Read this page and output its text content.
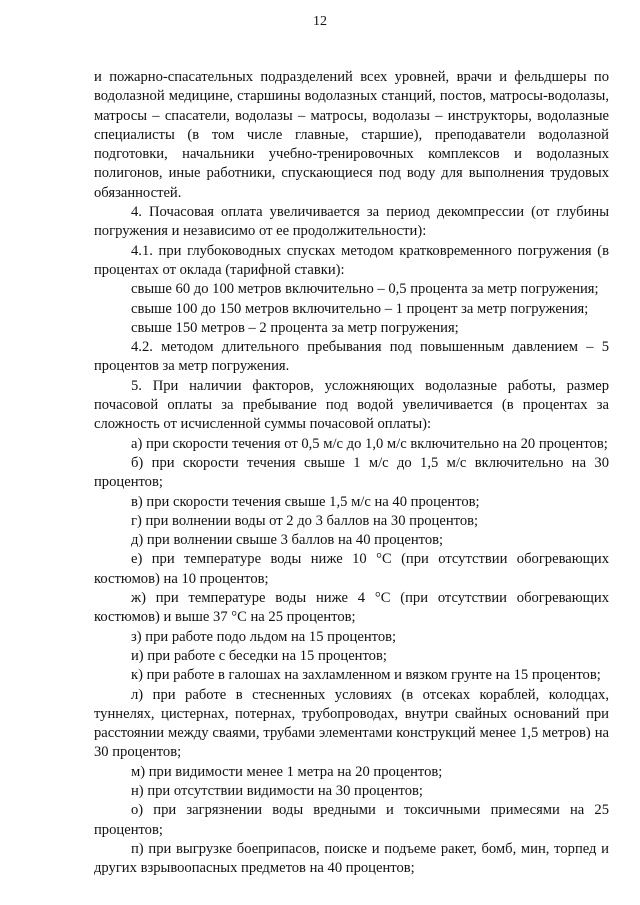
12

и пожарно-спасательных подразделений всех уровней, врачи и фельдшеры по водолазной медицине, старшины водолазных станций, постов, матросы-водолазы, матросы – спасатели, водолазы – матросы, водолазы – инструкторы, водолазные специалисты (в том числе главные, старшие), преподаватели водолазной подготовки, начальники учебно-тренировочных комплексов и водолазных полигонов, иные работники, спускающиеся под воду для выполнения трудовых обязанностей.

4. Почасовая оплата увеличивается за период декомпрессии (от глубины погружения и независимо от ее продолжительности):

4.1. при глубоководных спусках методом кратковременного погружения (в процентах от оклада (тарифной ставки):

свыше 60 до 100 метров включительно – 0,5 процента за метр погружения;

свыше 100 до 150 метров включительно – 1 процент за метр погружения;

свыше 150 метров – 2 процента за метр погружения;

4.2. методом длительного пребывания под повышенным давлением – 5 процентов за метр погружения.

5. При наличии факторов, усложняющих водолазные работы, размер почасовой оплаты за пребывание под водой увеличивается (в процентах за сложность от исчисленной суммы почасовой оплаты):

а) при скорости течения от 0,5 м/с до 1,0 м/с включительно на 20 процентов;

б) при скорости течения свыше 1 м/с до 1,5 м/с включительно на 30 процентов;

в) при скорости течения свыше 1,5 м/с на 40 процентов;

г) при волнении воды от 2 до 3 баллов на 30 процентов;

д) при волнении свыше 3 баллов на 40 процентов;

е) при температуре воды ниже 10 °С (при отсутствии обогревающих костюмов) на 10 процентов;

ж) при температуре воды ниже 4 °С (при отсутствии обогревающих костюмов) и выше 37 °С на 25 процентов;

з) при работе подо льдом на 15 процентов;

и) при работе с беседки на 15 процентов;

к) при работе в галошах на захламленном и вязком грунте на 15 процентов;

л) при работе в стесненных условиях (в отсеках кораблей, колодцах, туннелях, цистернах, потернах, трубопроводах, внутри свайных оснований при расстоянии между сваями, трубами элементами конструкций менее 1,5 метров) на 30 процентов;

м) при видимости менее 1 метра на 20 процентов;

н) при отсутствии видимости на 30 процентов;

о) при загрязнении воды вредными и токсичными примесями на 25 процентов;

п) при выгрузке боеприпасов, поиске и подъеме ракет, бомб, мин, торпед и других взрывоопасных предметов на 40 процентов;
